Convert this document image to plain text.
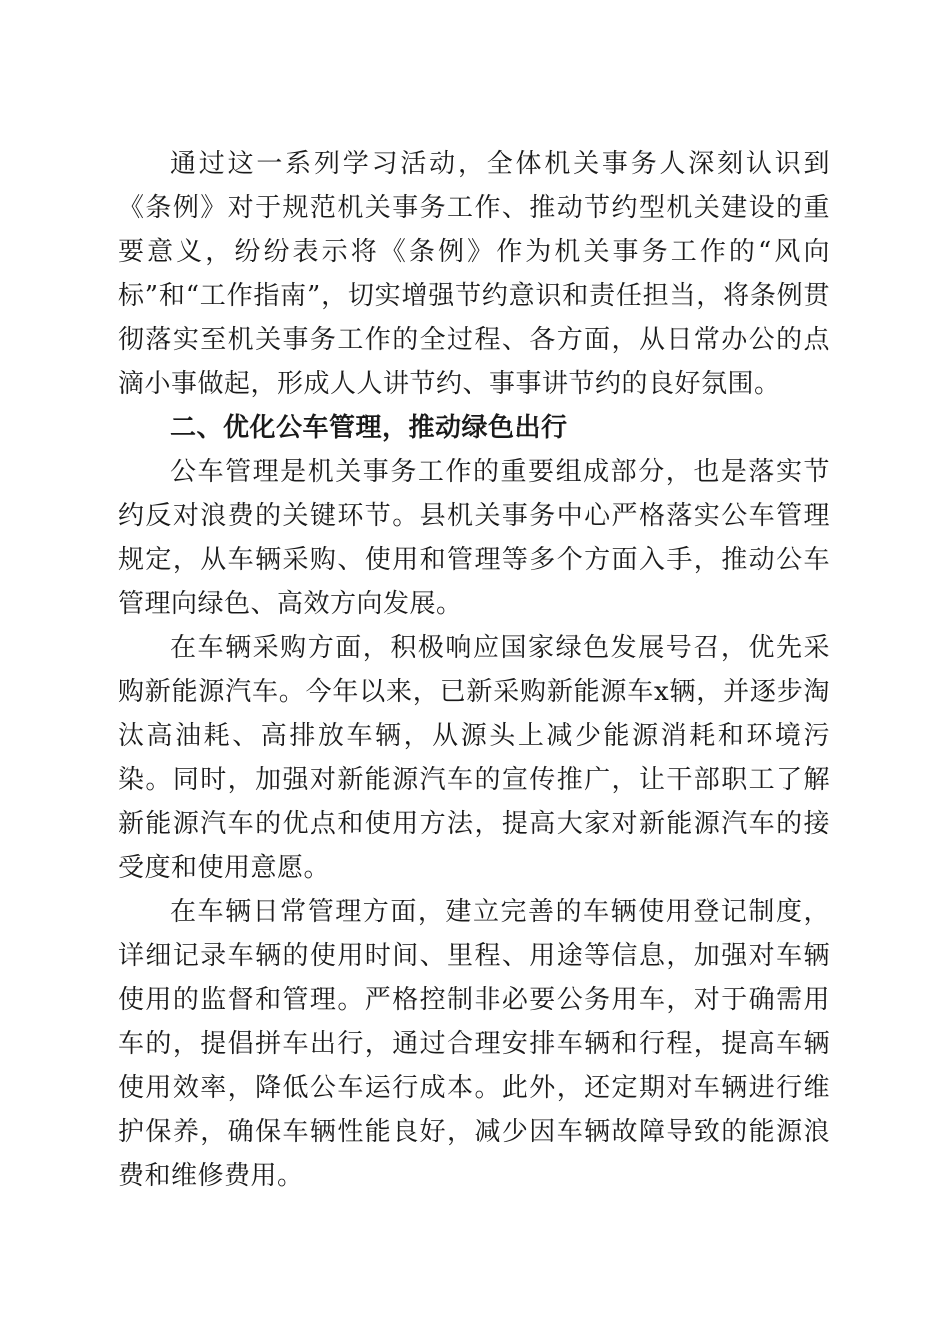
通过这一系列学习活动，全体机关事务人深刻认识到《条例》对于规范机关事务工作、推动节约型机关建设的重要意义，纷纷表示将《条例》作为机关事务工作的“风向标”和“工作指南”，切实增强节约意识和责任担当，将条例贯彻落实至机关事务工作的全过程、各方面，从日常办公的点滴小事做起，形成人人讲节约、事事讲节约的良好氛围。

二、优化公车管理，推动绿色出行

公车管理是机关事务工作的重要组成部分，也是落实节约反对浪费的关键环节。县机关事务中心严格落实公车管理规定，从车辆采购、使用和管理等多个方面入手，推动公车管理向绿色、高效方向发展。

在车辆采购方面，积极响应国家绿色发展号召，优先采购新能源汽车。今年以来，已新采购新能源车x辆，并逐步淘汰高油耗、高排放车辆，从源头上减少能源消耗和环境污染。同时，加强对新能源汽车的宣传推广，让干部职工了解新能源汽车的优点和使用方法，提高大家对新能源汽车的接受度和使用意愿。

在车辆日常管理方面，建立完善的车辆使用登记制度，详细记录车辆的使用时间、里程、用途等信息，加强对车辆使用的监督和管理。严格控制非必要公务用车，对于确需用车的，提倡拼车出行，通过合理安排车辆和行程，提高车辆使用效率，降低公车运行成本。此外，还定期对车辆进行维护保养，确保车辆性能良好，减少因车辆故障导致的能源浪费和维修费用。
